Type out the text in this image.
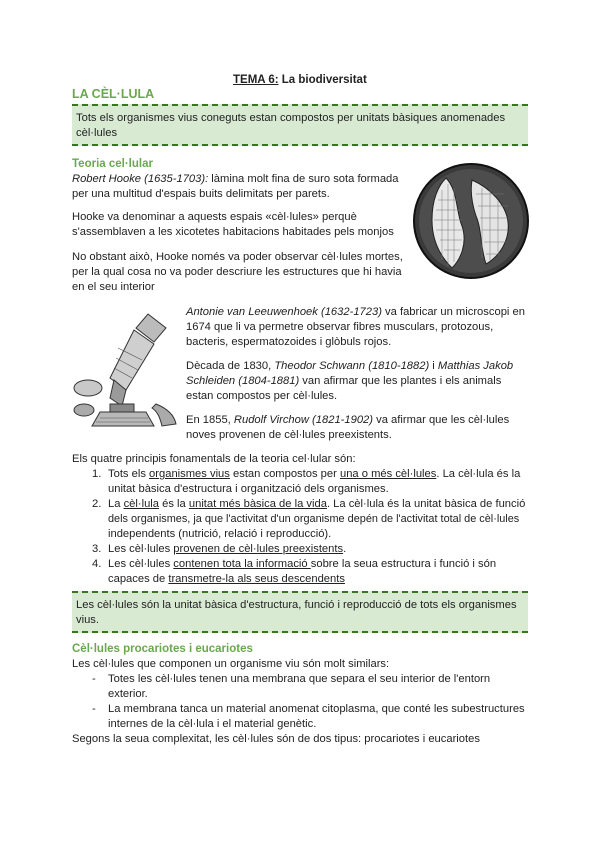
TEMA 6: La biodiversitat
LA CÈL·LULA
Tots els organismes vius coneguts estan compostos per unitats bàsiques anomenades
cèl·lules
Teoria cel·lular
Robert Hooke (1635-1703): làmina molt fina de suro sota formada
per una multitud d'espais buits delimitats per parets.
Hooke va denominar a aquests espais «cèl·lules» perquè
s'assemblaven a les xicotetes habitacions habitades pels monjos
No obstant això, Hooke només va poder observar cèl·lules mortes,
per la qual cosa no va poder descriure les estructures que hi havia
en el seu interior
Antonie van Leeuwenhoek (1632-1723) va fabricar un microscopi en
1674 que li va permetre observar fibres musculars, protozous,
bacteris, espermatozoides i glòbuls rojos.
Dècada de 1830, Theodor Schwann (1810-1882) i Matthias Jakob
Schleiden (1804-1881) van afirmar que les plantes i els animals
estan compostos per cèl·lules.
En 1855, Rudolf Virchow (1821-1902) va afirmar que les cèl·lules
noves provenen de cèl·lules preexistents.
Els quatre principis fonamentals de la teoria cel·lular són:
1. Tots els organismes vius estan compostos per una o més cèl·lules. La cèl·lula és la
unitat bàsica d'estructura i organització dels organismes.
2. La cèl·lula és la unitat més bàsica de la vida. La cèl·lula és la unitat bàsica de funció
dels organismes, ja que l'activitat d'un organisme depén de l'activitat total de cèl·lules
independents (nutrició, relació i reproducció).
3. Les cèl·lules provenen de cèl·lules preexistents.
4. Les cèl·lules contenen tota la informació sobre la seua estructura i funció i són
capaces de transmetre-la als seus descendents
Les cèl·lules són la unitat bàsica d'estructura, funció i reproducció de tots els organismes
vius.
Cèl·lules procariotes i eucariotes
Les cèl·lules que componen un organisme viu són molt similars:
- Totes les cèl·lules tenen una membrana que separa el seu interior de l'entorn
exterior.
- La membrana tanca un material anomenat citoplasma, que conté les subestructures
internes de la cèl·lula i el material genètic.
Segons la seua complexitat, les cèl·lules són de dos tipus: procariotes i eucariotes
